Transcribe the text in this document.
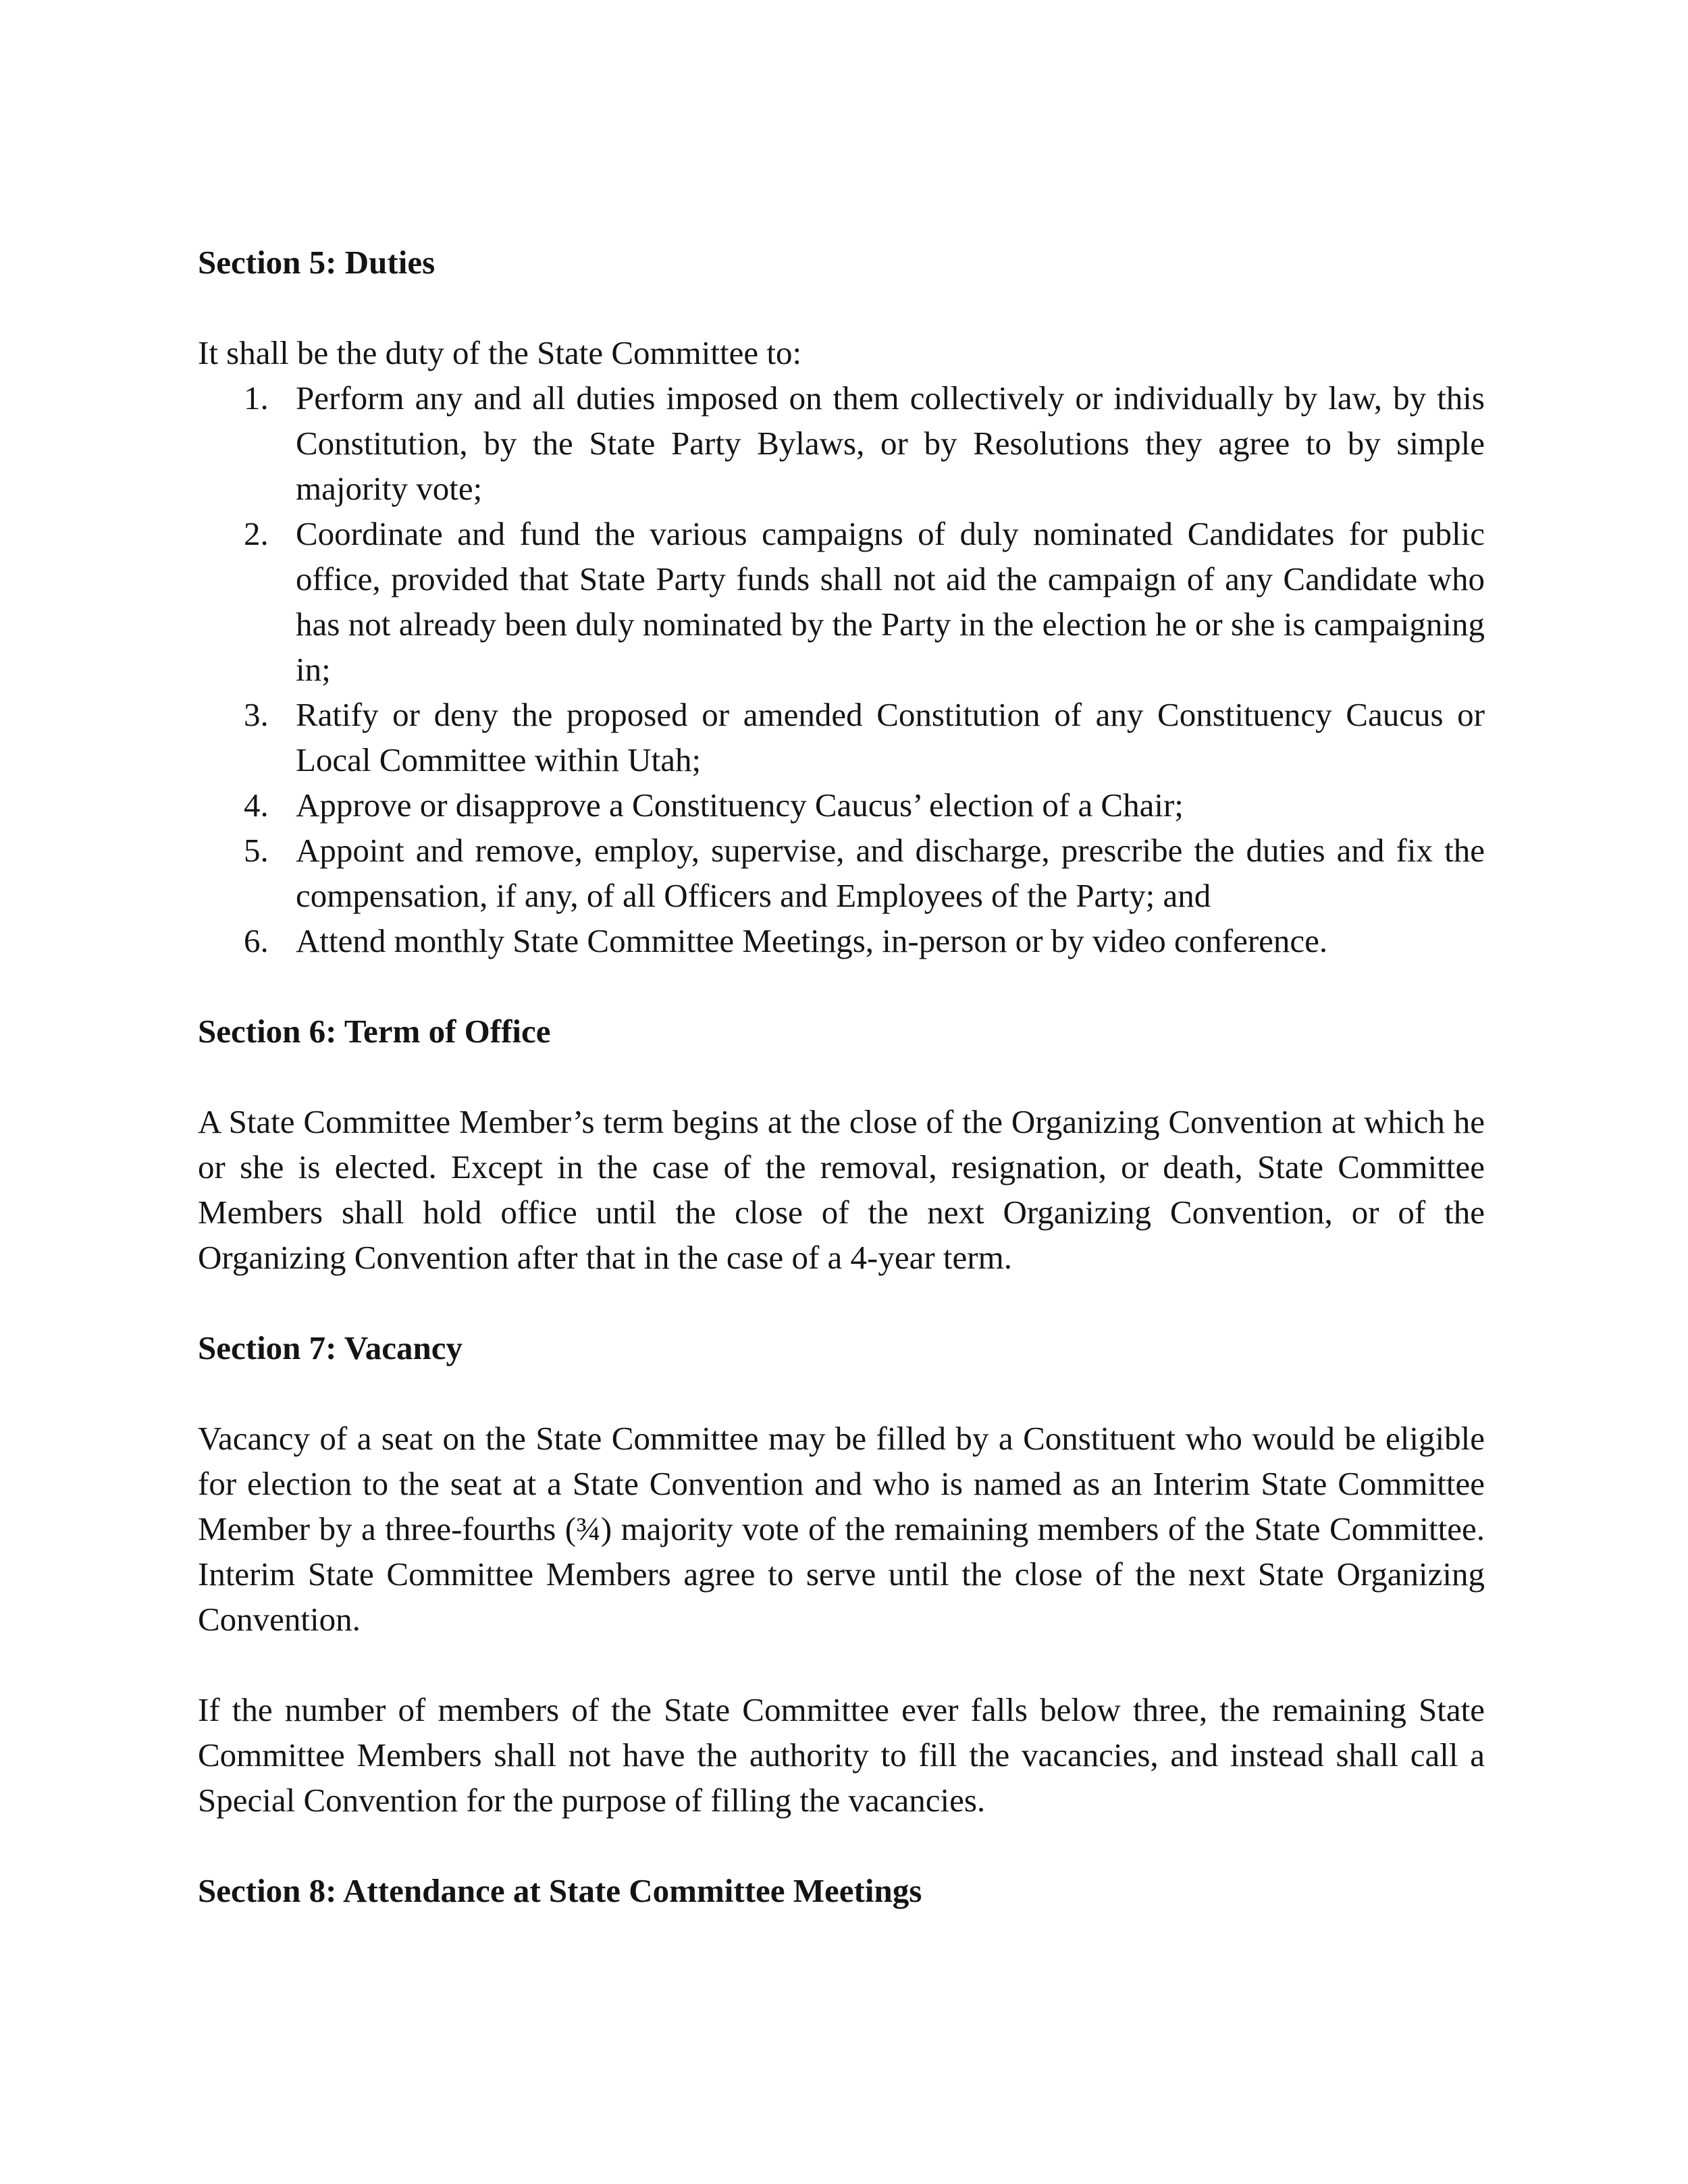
Section 5: Duties

It shall be the duty of the State Committee to:

1. Perform any and all duties imposed on them collectively or individually by law, by this Constitution, by the State Party Bylaws, or by Resolutions they agree to by simple majority vote;
2. Coordinate and fund the various campaigns of duly nominated Candidates for public office, provided that State Party funds shall not aid the campaign of any Candidate who has not already been duly nominated by the Party in the election he or she is campaigning in;
3. Ratify or deny the proposed or amended Constitution of any Constituency Caucus or Local Committee within Utah;
4. Approve or disapprove a Constituency Caucus’ election of a Chair;
5. Appoint and remove, employ, supervise, and discharge, prescribe the duties and fix the compensation, if any, of all Officers and Employees of the Party; and
6. Attend monthly State Committee Meetings, in-person or by video conference.
Section 6: Term of Office

A State Committee Member’s term begins at the close of the Organizing Convention at which he or she is elected. Except in the case of the removal, resignation, or death, State Committee Members shall hold office until the close of the next Organizing Convention, or of the Organizing Convention after that in the case of a 4-year term.

Section 7: Vacancy

Vacancy of a seat on the State Committee may be filled by a Constituent who would be eligible for election to the seat at a State Convention and who is named as an Interim State Committee Member by a three-fourths (¾) majority vote of the remaining members of the State Committee. Interim State Committee Members agree to serve until the close of the next State Organizing Convention.

If the number of members of the State Committee ever falls below three, the remaining State Committee Members shall not have the authority to fill the vacancies, and instead shall call a Special Convention for the purpose of filling the vacancies.

Section 8: Attendance at State Committee Meetings
